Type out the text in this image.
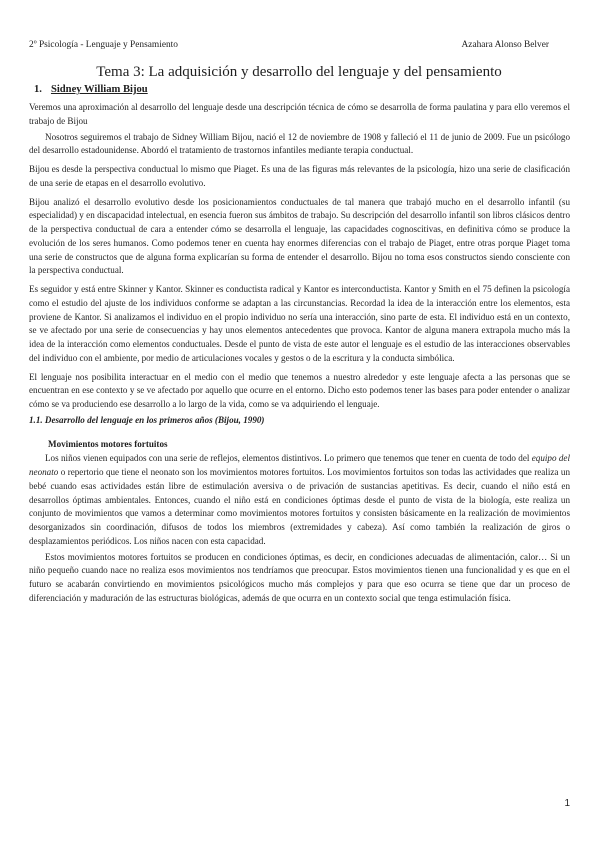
2º Psicología - Lenguaje y Pensamiento	Azahara Alonso Belver
Tema 3: La adquisición y desarrollo del lenguaje y del pensamiento
1. Sidney William Bijou

Veremos una aproximación al desarrollo del lenguaje desde una descripción técnica de cómo se desarrolla de forma paulatina y para ello veremos el trabajo de Bijou

Nosotros seguiremos el trabajo de Sidney William Bijou, nació el 12 de noviembre de 1908 y falleció el 11 de junio de 2009. Fue un psicólogo del desarrollo estadounidense. Abordó el tratamiento de trastornos infantiles mediante terapia conductual.

Bijou es desde la perspectiva conductual lo mismo que Piaget. Es una de las figuras más relevantes de la psicología, hizo una serie de clasificación de una serie de etapas en el desarrollo evolutivo.

Bijou analizó el desarrollo evolutivo desde los posicionamientos conductuales de tal manera que trabajó mucho en el desarrollo infantil (su especialidad) y en discapacidad intelectual, en esencia fueron sus ámbitos de trabajo. Su descripción del desarrollo infantil son libros clásicos dentro de la perspectiva conductual de cara a entender cómo se desarrolla el lenguaje, las capacidades cognoscitivas, en definitiva cómo se produce la evolución de los seres humanos. Como podemos tener en cuenta hay enormes diferencias con el trabajo de Piaget, entre otras porque Piaget toma una serie de constructos que de alguna forma explicarían su forma de entender el desarrollo. Bijou no toma esos constructos siendo consciente con la perspectiva conductual.

Es seguidor y está entre Skinner y Kantor. Skinner es conductista radical y Kantor es interconductista. Kantor y Smith en el 75 definen la psicología como el estudio del ajuste de los individuos conforme se adaptan a las circunstancias. Recordad la idea de la interacción entre los elementos, esta proviene de Kantor. Si analizamos el individuo en el propio individuo no sería una interacción, sino parte de esta. El individuo está en un contexto, se ve afectado por una serie de consecuencias y hay unos elementos antecedentes que provoca. Kantor de alguna manera extrapola mucho más la idea de la interacción como elementos conductuales. Desde el punto de vista de este autor el lenguaje es el estudio de las interacciones observables del individuo con el ambiente, por medio de articulaciones vocales y gestos o de la escritura y la conducta simbólica.

El lenguaje nos posibilita interactuar en el medio con el medio que tenemos a nuestro alrededor y este lenguaje afecta a las personas que se encuentran en ese contexto y se ve afectado por aquello que ocurre en el entorno. Dicho esto podemos tener las bases para poder entender o analizar cómo se va produciendo ese desarrollo a lo largo de la vida, como se va adquiriendo el lenguaje.

1.1. Desarrollo del lenguaje en los primeros años (Bijou, 1990)
Movimientos motores fortuitos

Los niños vienen equipados con una serie de reflejos, elementos distintivos. Lo primero que tenemos que tener en cuenta de todo del equipo del neonato o repertorio que tiene el neonato son los movimientos motores fortuitos. Los movimientos fortuitos son todas las actividades que realiza un bebé cuando esas actividades están libre de estimulación aversiva o de privación de sustancias apetitivas. Es decir, cuando el niño está en desarrollos óptimas ambientales. Entonces, cuando el niño está en condiciones óptimas desde el punto de vista de la biología, este realiza un conjunto de movimientos que vamos a determinar como movimientos motores fortuitos y consisten básicamente en la realización de movimientos desorganizados sin coordinación, difusos de todos los miembros (extremidades y cabeza). Así como también la realización de giros o desplazamientos periódicos. Los niños nacen con esta capacidad.

Estos movimientos motores fortuitos se producen en condiciones óptimas, es decir, en condiciones adecuadas de alimentación, calor… Si un niño pequeño cuando nace no realiza esos movimientos nos tendríamos que preocupar. Estos movimientos tienen una funcionalidad y es que en el futuro se acabarán convirtiendo en movimientos psicológicos mucho más complejos y para que eso ocurra se tiene que dar un proceso de diferenciación y maduración de las estructuras biológicas, además de que ocurra en un contexto social que tenga estimulación física.

1
